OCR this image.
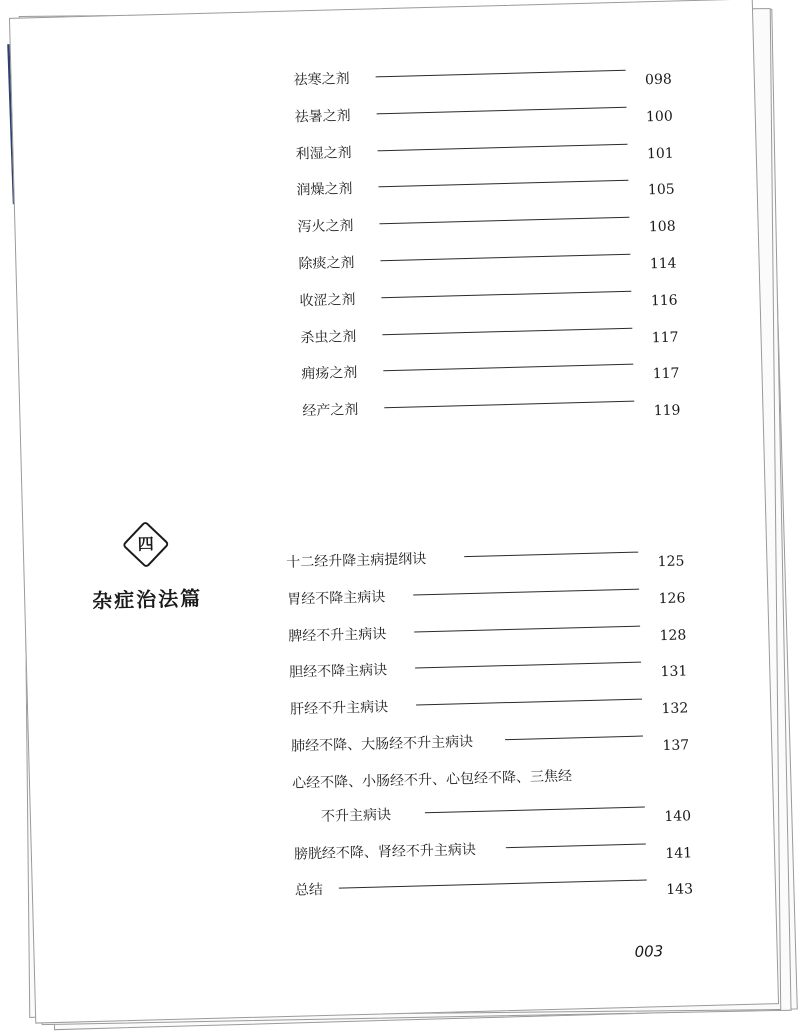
祛寒之剂	098
祛暑之剂	100
利湿之剂	101
润燥之剂	105
泻火之剂	108
除痰之剂	114
收涩之剂	116
杀虫之剂	117
痈疡之剂	117
经产之剂	119
四
杂症治法篇
十二经升降主病提纲诀	125
胃经不降主病诀	126
脾经不升主病诀	128
胆经不降主病诀	131
肝经不升主病诀	132
肺经不降、大肠经不升主病诀	137
心经不降、小肠经不升、心包经不降、三焦经
不升主病诀	140
膀胱经不降、肾经不升主病诀	141
总结	143
003
